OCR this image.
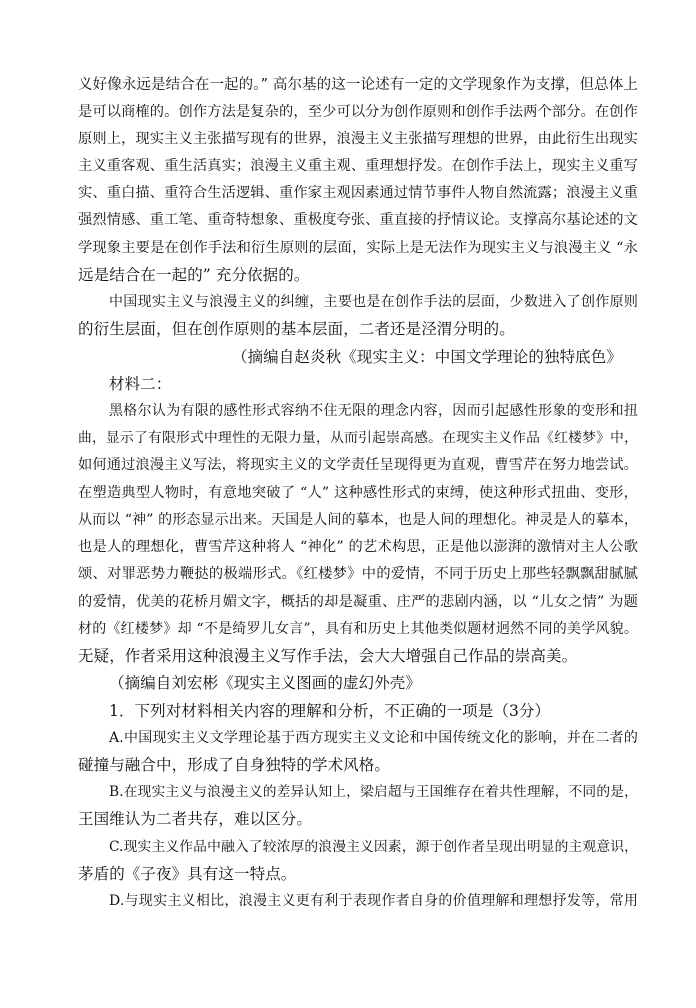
义好像永远是结合在一起的。” 高尔基的这一论述有一定的文学现象作为支撑，但总体上
是可以商榷的。创作方法是复杂的，至少可以分为创作原则和创作手法两个部分。在创作
原则上，现实主义主张描写现有的世界，浪漫主义主张描写理想的世界，由此衍生出现实
主义重客观、重生活真实；浪漫主义重主观、重理想抒发。在创作手法上，现实主义重写
实、重白描、重符合生活逻辑、重作家主观因素通过情节事件人物自然流露；浪漫主义重
强烈情感、重工笔、重奇特想象、重极度夸张、重直接的抒情议论。支撑高尔基论述的文
学现象主要是在创作手法和衍生原则的层面，实际上是无法作为现实主义与浪漫主义 “永
远是结合在一起的” 充分依据的。
中国现实主义与浪漫主义的纠缠，主要也是在创作手法的层面，少数进入了创作原则
的衍生层面，但在创作原则的基本层面，二者还是泾渭分明的。
（摘编自赵炎秋《现实主义：中国文学理论的独特底色》
材料二：
黑格尔认为有限的感性形式容纳不住无限的理念内容，因而引起感性形象的变形和扭
曲，显示了有限形式中理性的无限力量，从而引起崇高感。在现实主义作品《红楼梦》中，
如何通过浪漫主义写法，将现实主义的文学责任呈现得更为直观，曹雪芹在努力地尝试。
在塑造典型人物时，有意地突破了 “人” 这种感性形式的束缚，使这种形式扭曲、变形，
从而以 “神” 的形态显示出来。天国是人间的摹本，也是人间的理想化。神灵是人的摹本，
也是人的理想化，曹雪芹这种将人 “神化” 的艺术构思，正是他以澎湃的激情对主人公歌
颂、对罪恶势力鞭挞的极端形式。《红楼梦》中的爱情，不同于历史上那些轻飘飘甜腻腻
的爱情，优美的花桥月媚文字，概括的却是凝重、庄严的悲剧内涵，以 “儿女之情” 为题
材的《红楼梦》却 “不是绮罗儿女言”，具有和历史上其他类似题材迥然不同的美学风貌。
无疑，作者采用这种浪漫主义写作手法，会大大增强自己作品的崇高美。
（摘编自刘宏彬《现实主义图画的虚幻外壳》
1．下列对材料相关内容的理解和分析，不正确的一项是（3分）
A.中国现实主义文学理论基于西方现实主义文论和中国传统文化的影响，并在二者的
碰撞与融合中，形成了自身独特的学术风格。
B.在现实主义与浪漫主义的差异认知上，梁启超与王国维存在着共性理解，不同的是，
王国维认为二者共存，难以区分。
C.现实主义作品中融入了较浓厚的浪漫主义因素，源于创作者呈现出明显的主观意识，
茅盾的《子夜》具有这一特点。
D.与现实主义相比，浪漫主义更有利于表现作者自身的价值理解和理想抒发等，常用
